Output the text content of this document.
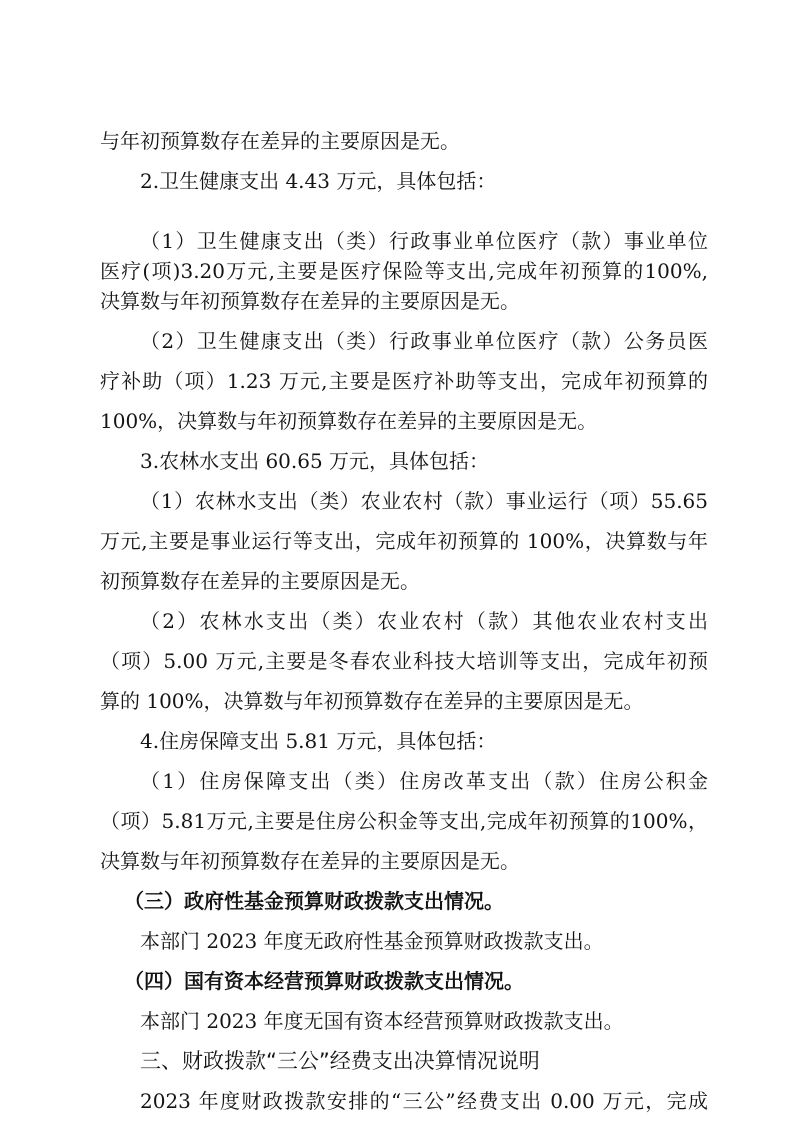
与年初预算数存在差异的主要原因是无。
2.卫生健康支出 4.43 万元，具体包括：
（1）卫生健康支出（类）行政事业单位医疗（款）事业单位
医疗(项)3.20万元,主要是医疗保险等支出,完成年初预算的100%,
决算数与年初预算数存在差异的主要原因是无。
（2）卫生健康支出（类）行政事业单位医疗（款）公务员医
疗补助（项）1.23 万元,主要是医疗补助等支出，完成年初预算的
100%，决算数与年初预算数存在差异的主要原因是无。
3.农林水支出 60.65 万元，具体包括：
（1）农林水支出（类）农业农村（款）事业运行（项）55.65
万元,主要是事业运行等支出，完成年初预算的 100%，决算数与年
初预算数存在差异的主要原因是无。
（2）农林水支出（类）农业农村（款）其他农业农村支出
（项）5.00 万元,主要是冬春农业科技大培训等支出，完成年初预
算的 100%，决算数与年初预算数存在差异的主要原因是无。
4.住房保障支出 5.81 万元，具体包括：
（1）住房保障支出（类）住房改革支出（款）住房公积金
（项）5.81万元,主要是住房公积金等支出,完成年初预算的100%，
决算数与年初预算数存在差异的主要原因是无。
（三）政府性基金预算财政拨款支出情况。
本部门 2023 年度无政府性基金预算财政拨款支出。
（四）国有资本经营预算财政拨款支出情况。
本部门 2023 年度无国有资本经营预算财政拨款支出。
三、财政拨款“三公”经费支出决算情况说明
2023 年度财政拨款安排的“三公”经费支出 0.00 万元，完成
